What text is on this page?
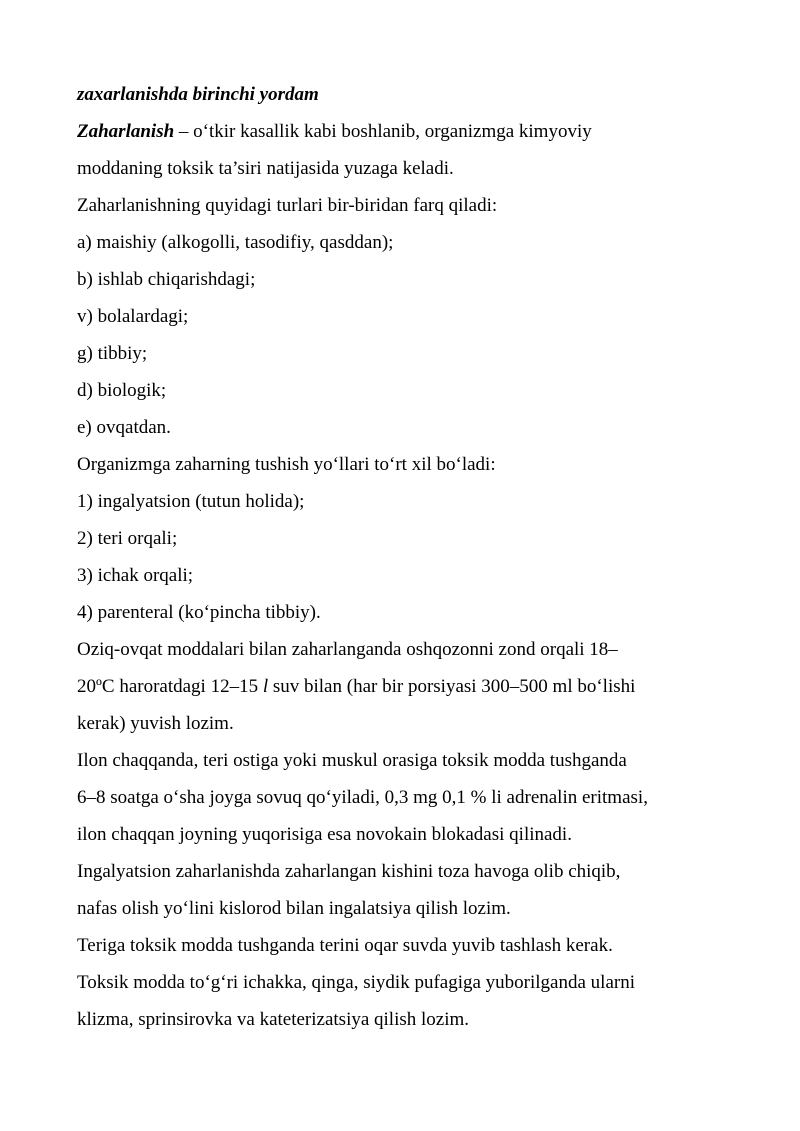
zaxarlanishda birinchi yordam
Zaharlanish – o‘tkir kasallik kabi boshlanib, organizmga kimyoviy
moddaning toksik ta’siri natijasida yuzaga keladi.
Zaharlanishning quyidagi turlari bir-biridan farq qiladi:
a) maishiy (alkogolli, tasodifiy, qasddan);
b) ishlab chiqarishdagi;
v) bolalardagi;
g) tibbiy;
d) biologik;
e) ovqatdan.
Organizmga zaharning tushish yo‘llari to‘rt xil bo‘ladi:
1) ingalyatsion (tutun holida);
2) teri orqali;
3) ichak orqali;
4) parenteral (ko‘pincha tibbiy).
Oziq-ovqat moddalari bilan zaharlanganda oshqozonni zond orqali 18–
20ºC haroratdagi 12–15 l suv bilan (har bir porsiyasi 300–500 ml bo‘lishi
kerak) yuvish lozim.
Ilon chaqqanda, teri ostiga yoki muskul orasiga toksik modda tushganda
6–8 soatga o‘sha joyga sovuq qo‘yiladi, 0,3 mg 0,1 % li adrenalin eritmasi,
ilon chaqqan joyning yuqorisiga esa novokain blokadasi qilinadi.
Ingalyatsion zaharlanishda zaharlangan kishini toza havoga olib chiqib,
nafas olish yo‘lini kislorod bilan ingalatsiya qilish lozim.
Teriga toksik modda tushganda terini oqar suvda yuvib tashlash kerak.
Toksik modda to‘g‘ri ichakka, qinga, siydik pufagiga yuborilganda ularni
klizma, sprinsirovka va kateterizatsiya qilish lozim.
